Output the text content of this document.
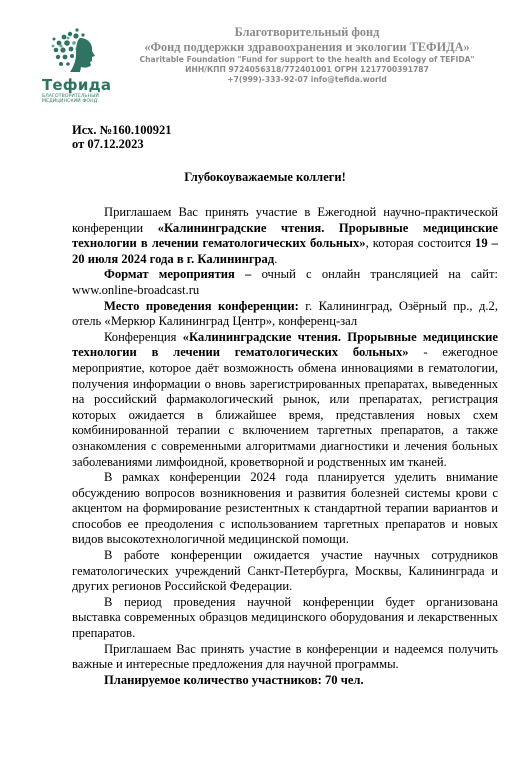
Тефида
БЛАГОТВОРИТЕЛЬНЫЙ
МЕДИЦИНСКИЙ ФОНД
Благотворительный фонд
«Фонд поддержки здравоохранения и экологии ТЕФИДА»
Charitable Foundation "Fund for support to the health and Ecology of TEFIDA"
ИНН/КПП 9724056318/772401001 ОГРН 1217700391787
+7(999)-333-92-07 info@tefida.world
Исх. №160.100921
от 07.12.2023
Глубокоуважаемые коллеги!

Приглашаем Вас принять участие в Ежегодной научно-практической конференции «Калининградские чтения. Прорывные медицинские технологии в лечении гематологических больных», которая состоится 19 – 20 июля 2024 года в г. Калининград.

Формат мероприятия – очный с онлайн трансляцией на сайт: www.online-broadcast.ru

Место проведения конференции: г. Калининград, Озёрный пр., д.2, отель «Меркюр Калининград Центр», конференц-зал

Конференция «Калининградские чтения. Прорывные медицинские технологии в лечении гематологических больных» - ежегодное мероприятие, которое даёт возможность обмена инновациями в гематологии, получения информации о вновь зарегистрированных препаратах, выведенных на российский фармакологический рынок, или препаратах, регистрация которых ожидается в ближайшее время, представления новых схем комбинированной терапии с включением таргетных препаратов, а также ознакомления с современными алгоритмами диагностики и лечения больных заболеваниями лимфоидной, кроветворной и родственных им тканей.

В рамках конференции 2024 года планируется уделить внимание обсуждению вопросов возникновения и развития болезней системы крови с акцентом на формирование резистентных к стандартной терапии вариантов и способов ее преодоления с использованием таргетных препаратов и новых видов высокотехнологичной медицинской помощи.

В работе конференции ожидается участие научных сотрудников гематологических учреждений Санкт-Петербурга, Москвы, Калининграда и других регионов Российской Федерации.

В период проведения научной конференции будет организована выставка современных образцов медицинского оборудования и лекарственных препаратов.

Приглашаем Вас принять участие в конференции и надеемся получить важные и интересные предложения для научной программы.

Планируемое количество участников: 70 чел.
